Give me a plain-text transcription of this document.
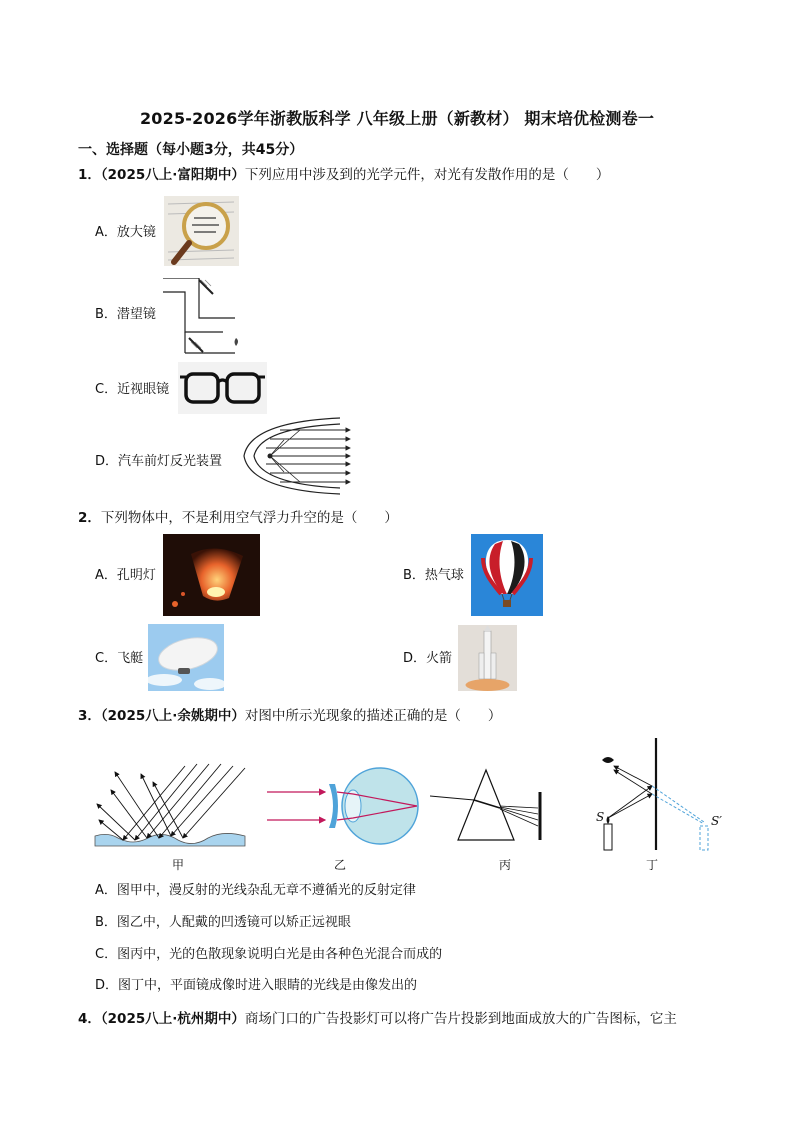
2025-2026学年浙教版科学 八年级上册（新教材） 期末培优检测卷一
一、选择题（每小题3分，共45分）
1．（2025八上·富阳期中）下列应用中涉及到的光学元件，对光有发散作用的是（　　）
A．放大镜
B．潜望镜
C．近视眼镜
D．汽车前灯反光装置
2．下列物体中，不是利用空气浮力升空的是（　　）
A．孔明灯	B．热气球
C．飞艇	D．火箭
3．（2025八上·余姚期中）对图中所示光现象的描述正确的是（　　）
甲	乙	丙
S	S′
丁
A．图甲中，漫反射的光线杂乱无章不遵循光的反射定律
B．图乙中，人配戴的凹透镜可以矫正远视眼
C．图丙中，光的色散现象说明白光是由各种色光混合而成的
D．图丁中，平面镜成像时进入眼睛的光线是由像发出的
4．（2025八上·杭州期中）商场门口的广告投影灯可以将广告片投影到地面成放大的广告图标，它主
